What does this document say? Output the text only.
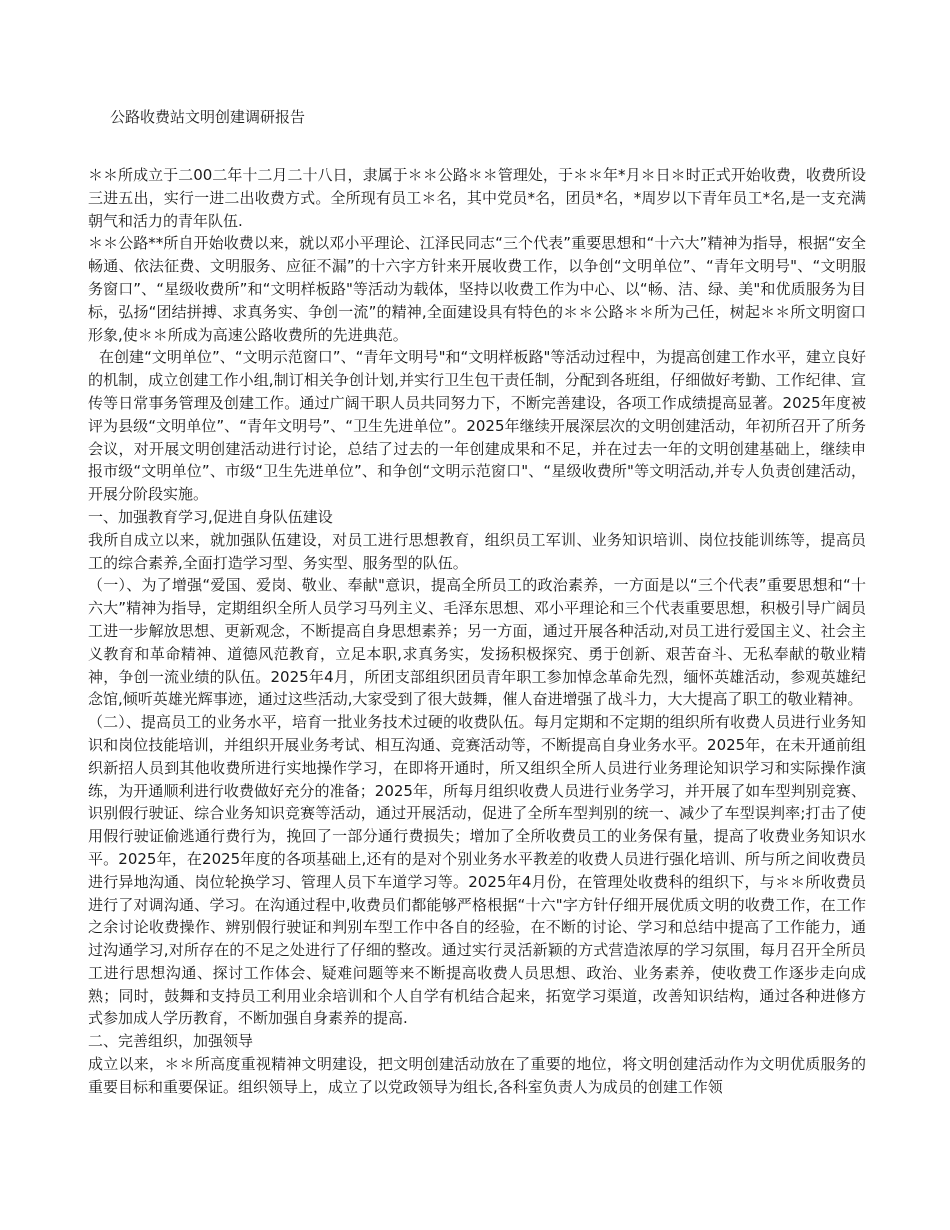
公路收费站文明创建调研报告

＊＊所成立于二00二年十二月二十八日，隶属于＊＊公路＊＊管理处，于＊＊年*月＊日＊时正式开始收费，收费所设三进五出，实行一进二出收费方式。全所现有员工＊名，其中党员*名，团员*名，*周岁以下青年员工*名,是一支充满朝气和活力的青年队伍.

＊＊公路**所自开始收费以来，就以邓小平理论、江泽民同志“三个代表”重要思想和“十六大”精神为指导，根据“安全畅通、依法征费、文明服务、应征不漏”的十六字方针来开展收费工作，以争创“文明单位”、“青年文明号"、“文明服务窗口”、“星级收费所”和“文明样板路"等活动为载体，坚持以收费工作为中心、以“畅、洁、绿、美"和优质服务为目标，弘扬“团结拼搏、求真务实、争创一流”的精神,全面建设具有特色的＊＊公路＊＊所为己任，树起＊＊所文明窗口形象,使＊＊所成为高速公路收费所的先进典范。

在创建“文明单位”、“文明示范窗口”、“青年文明号"和“文明样板路"等活动过程中，为提高创建工作水平，建立良好的机制，成立创建工作小组,制订相关争创计划,并实行卫生包干责任制，分配到各班组，仔细做好考勤、工作纪律、宣传等日常事务管理及创建工作。通过广阔干职人员共同努力下，不断完善建设，各项工作成绩提高显著。2025年度被评为县级“文明单位”、“青年文明号”、“卫生先进单位”。2025年继续开展深层次的文明创建活动，年初所召开了所务会议，对开展文明创建活动进行讨论，总结了过去的一年创建成果和不足，并在过去一年的文明创建基础上，继续申报市级“文明单位”、市级“卫生先进单位”、和争创“文明示范窗口"、“星级收费所"等文明活动,并专人负责创建活动，开展分阶段实施。

一、加强教育学习,促进自身队伍建设

我所自成立以来，就加强队伍建设，对员工进行思想教育，组织员工军训、业务知识培训、岗位技能训练等，提高员工的综合素养,全面打造学习型、务实型、服务型的队伍。

（一）、为了增强“爱国、爱岗、敬业、奉献"意识，提高全所员工的政治素养，一方面是以“三个代表”重要思想和“十六大”精神为指导，定期组织全所人员学习马列主义、毛泽东思想、邓小平理论和三个代表重要思想，积极引导广阔员工进一步解放思想、更新观念，不断提高自身思想素养；另一方面，通过开展各种活动,对员工进行爱国主义、社会主义教育和革命精神、道德风范教育，立足本职,求真务实，发扬积极探究、勇于创新、艰苦奋斗、无私奉献的敬业精神，争创一流业绩的队伍。2025年4月，所团支部组织团员青年职工参加悼念革命先烈，缅怀英雄活动，参观英雄纪念馆,倾听英雄光辉事迹，通过这些活动,大家受到了很大鼓舞，催人奋进增强了战斗力，大大提高了职工的敬业精神。

（二）、提高员工的业务水平，培育一批业务技术过硬的收费队伍。每月定期和不定期的组织所有收费人员进行业务知识和岗位技能培训，并组织开展业务考试、相互沟通、竞赛活动等，不断提高自身业务水平。2025年，在未开通前组织新招人员到其他收费所进行实地操作学习，在即将开通时，所又组织全所人员进行业务理论知识学习和实际操作演练，为开通顺利进行收费做好充分的准备；2025年，所每月组织收费人员进行业务学习，并开展了如车型判别竞赛、识别假行驶证、综合业务知识竞赛等活动，通过开展活动，促进了全所车型判别的统一、减少了车型误判率;打击了使用假行驶证偷逃通行费行为，挽回了一部分通行费损失；增加了全所收费员工的业务保有量，提高了收费业务知识水平。2025年，在2025年度的各项基础上,还有的是对个别业务水平教差的收费人员进行强化培训、所与所之间收费员进行异地沟通、岗位轮换学习、管理人员下车道学习等。2025年4月份，在管理处收费科的组织下，与＊＊所收费员进行了对调沟通、学习。在沟通过程中,收费员们都能够严格根据“十六"字方针仔细开展优质文明的收费工作，在工作之余讨论收费操作、辨别假行驶证和判别车型工作中各自的经验，在不断的讨论、学习和总结中提高了工作能力，通过沟通学习,对所存在的不足之处进行了仔细的整改。通过实行灵活新颖的方式营造浓厚的学习氛围，每月召开全所员工进行思想沟通、探讨工作体会、疑难问题等来不断提高收费人员思想、政治、业务素养，使收费工作逐步走向成熟；同时，鼓舞和支持员工利用业余培训和个人自学有机结合起来，拓宽学习渠道，改善知识结构，通过各种进修方式参加成人学历教育，不断加强自身素养的提高.

二、完善组织，加强领导

成立以来，＊＊所高度重视精神文明建设，把文明创建活动放在了重要的地位，将文明创建活动作为文明优质服务的重要目标和重要保证。组织领导上，成立了以党政领导为组长,各科室负责人为成员的创建工作领
